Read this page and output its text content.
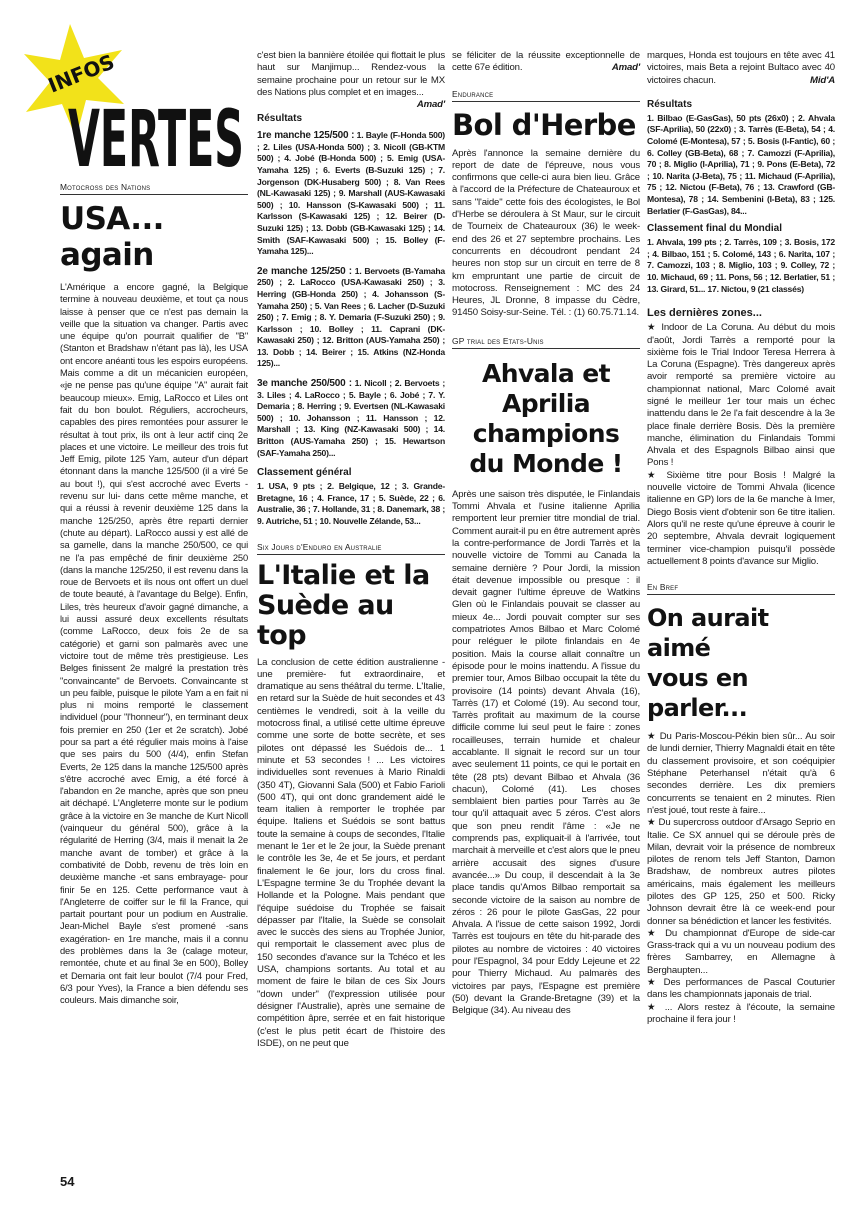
INFOS
VERTES
Motocross des Nations
USA... again

L'Amérique a encore gagné, la Belgique termine à nouveau deuxième, et tout ça nous laisse à penser que ce n'est pas demain la veille que la situation va changer. Partis avec une équipe qu'on pourrait qualifier de "B" (Stanton et Bradshaw n'étant pas là), les USA ont encore anéanti tous les espoirs européens. Mais comme a dit un mécanicien européen, «je ne pense pas qu'une équipe "A" aurait fait beaucoup mieux». Emig, LaRocco et Liles ont fait du bon boulot. Réguliers, accrocheurs, capables des pires remontées pour assurer le résultat à tout prix, ils ont à leur actif cinq 2e places et une victoire. Le meilleur des trois fut Jeff Emig, pilote 125 Yam, auteur d'un départ étonnant dans la manche 125/500 (il a viré 5e au bout !), qui s'est accroché avec Everts -revenu sur lui- dans cette même manche, et qui a réussi à revenir deuxième 125 dans la manche 125/250, après être reparti dernier (chute au départ). LaRocco aussi y est allé de sa gamelle, dans la manche 250/500, ce qui ne l'a pas empêché de finir deuxième 250 (dans la manche 125/250, il est revenu dans la roue de Bervoets et ils nous ont offert un duel de toute beauté, à l'avantage du Belge). Enfin, Liles, très heureux d'avoir gagné dimanche, a lui aussi assuré deux excellents résultats (comme LaRocco, deux fois 2e de sa catégorie) et garni son palmarès avec une victoire tout de même très prestigieuse. Les Belges finissent 2e malgré la prestation très "convaincante" de Bervoets. Convaincante st un peu faible, puisque le pilote Yam a en fait ni plus ni moins remporté le classement individuel (pour "l'honneur"), en terminant deux fois premier en 250 (1er et 2e scratch). Jobé pour sa part a été régulier mais moins à l'aise que ses pairs du 500 (4/4), enfin Stefan Everts, 2e 125 dans la manche 125/500 après s'être accroché avec Emig, a été forcé à l'abandon en 2e manche, après que son pneu ait déchapé. L'Angleterre monte sur le podium grâce à la victoire en 3e manche de Kurt Nicoll (vainqueur du général 500), grâce à la régularité de Herring (3/4, mais il menait la 2e manche avant de tomber) et grâce à la combativité de Dobb, revenu de très loin en deuxième manche -et sans embrayage- pour finir 5e en 125. Cette performance vaut à l'Angleterre de coiffer sur le fil la France, qui partait pourtant pour un podium en Australie. Jean-Michel Bayle s'est promené -sans exagération- en 1re manche, mais il a connu des problèmes dans la 3e (calage moteur, remontée, chute et au final 3e en 500), Bolley et Demaria ont fait leur boulot (7/4 pour Fred, 6/3 pour Yves), la France a bien défendu ses couleurs. Mais dimanche soir,

c'est bien la bannière étoilée qui flottait le plus haut sur Manjimup... Rendez-vous la semaine prochaine pour un retour sur le MX des Nations plus complet et en images...
Amad'

Résultats

1re manche 125/500 : 1. Bayle (F-Honda 500) ; 2. Liles (USA-Honda 500) ; 3. Nicoll (GB-KTM 500) ; 4. Jobé (B-Honda 500) ; 5. Emig (USA-Yamaha 125) ; 6. Everts (B-Suzuki 125) ; 7. Jorgenson (DK-Husaberg 500) ; 8. Van Rees (NL-Kawasaki 125) ; 9. Marshall (AUS-Kawasaki 500) ; 10. Hansson (S-Kawasaki 500) ; 11. Karlsson (S-Kawasaki 125) ; 12. Beirer (D-Suzuki 125) ; 13. Dobb (GB-Kawasaki 125) ; 14. Smith (SAF-Kawasaki 500) ; 15. Bolley (F-Yamaha 125)...

2e manche 125/250 : 1. Bervoets (B-Yamaha 250) ; 2. LaRocco (USA-Kawasaki 250) ; 3. Herring (GB-Honda 250) ; 4. Johansson (S-Yamaha 250) ; 5. Van Rees ; 6. Lacher (D-Suzuki 250) ; 7. Emig ; 8. Y. Demaria (F-Suzuki 250) ; 9. Karlsson ; 10. Bolley ; 11. Caprani (DK-Kawasaki 250) ; 12. Britton (AUS-Yamaha 250) ; 13. Dobb ; 14. Beirer ; 15. Atkins (NZ-Honda 125)...

3e manche 250/500 : 1. Nicoll ; 2. Bervoets ; 3. Liles ; 4. LaRocco ; 5. Bayle ; 6. Jobé ; 7. Y. Demaria ; 8. Herring ; 9. Evertsen (NL-Kawasaki 500) ; 10. Johansson ; 11. Hansson ; 12. Marshall ; 13. King (NZ-Kawasaki 500) ; 14. Britton (AUS-Yamaha 250) ; 15. Hewartson (SAF-Yamaha 250)...

Classement général

1. USA, 9 pts ; 2. Belgique, 12 ; 3. Grande-Bretagne, 16 ; 4. France, 17 ; 5. Suède, 22 ; 6. Australie, 36 ; 7. Hollande, 31 ; 8. Danemark, 38 ; 9. Autriche, 51 ; 10. Nouvelle Zélande, 53...

Six Jours d'Enduro en Australie
L'Italie et la
Suède au top

La conclusion de cette édition australienne -une première- fut extraordinaire, et dramatique au sens théâtral du terme. L'Italie, en retard sur la Suède de huit secondes et 43 centièmes le vendredi, soit à la veille du motocross final, a utilisé cette ultime épreuve comme une sorte de botte secrète, et ses pilotes ont dépassé les Suédois de... 1 minute et 53 secondes ! ... Les victoires individuelles sont revenues à Mario Rinaldi (350 4T), Giovanni Sala (500) et Fabio Farioli (500 4T), qui ont donc grandement aidé le team italien à remporter le trophée par équipe. Italiens et Suédois se sont battus toute la semaine à coups de secondes, l'Italie menant le 1er et le 2e jour, la Suède prenant le contrôle les 3e, 4e et 5e jours, et perdant finalement le 6e jour, lors du cross final. L'Espagne termine 3e du Trophée devant la Hollande et la Pologne. Mais pendant que l'équipe suédoise du Trophée se faisait dépasser par l'Italie, la Suède se consolait avec le succès des siens au Trophée Junior, qui remportait le classement avec plus de 150 secondes d'avance sur la Tchéco et les USA, champions sortants. Au total et au moment de faire le bilan de ces Six Jours "down under" (l'expression utilisée pour désigner l'Australie), après une semaine de compétition âpre, serrée et en fait historique (c'est le plus petit écart de l'histoire des ISDE), on ne peut que

se féliciter de la réussite exceptionnelle de cette 67e édition.	Amad'

Endurance
Bol d'Herbe

Après l'annonce la semaine dernière du report de date de l'épreuve, nous vous confirmons que celle-ci aura bien lieu. Grâce à l'accord de la Préfecture de Chateauroux et sans "l'aide" cette fois des écologistes, le Bol d'Herbe se déroulera à St Maur, sur le circuit de Tourneix de Chateauroux (36) le week-end des 26 et 27 septembre prochains. Les concurrents en découdront pendant 24 heures non stop sur un circuit en terre de 8 km empruntant une partie de circuit de motocross. Renseignement : MC des 24 Heures, JL Dronne, 8 impasse du Cèdre, 91450 Soisy-sur-Seine. Tél. : (1) 60.75.71.14.

GP trial des Etats-Unis
Ahvala et Aprilia
champions
du Monde !

Après une saison très disputée, le Finlandais Tommi Ahvala et l'usine italienne Aprilia remportent leur premier titre mondial de trial. Comment aurait-il pu en être autrement après la contre-performance de Jordi Tarrès et la nouvelle victoire de Tommi au Canada la semaine dernière ? Pour Jordi, la mission était devenue impossible ou presque : il devait gagner l'ultime épreuve de Watkins Glen où le Finlandais pouvait se classer au mieux 4e... Jordi pouvait compter sur ses compatriotes Amos Bilbao et Marc Colomé pour reléguer le pilote finlandais en 4e position. Mais la course allait connaître un épisode pour le moins inattendu. A l'issue du premier tour, Amos Bilbao occupait la tête du provisoire (14 points) devant Ahvala (16), Tarrès (17) et Colomé (19). Au second tour, Tarrès profitait au maximum de la course difficile comme lui seul peut le faire : zones rocailleuses, terrain humide et chaleur accablante. Il signait le record sur un tour avec seulement 11 points, ce qui le portait en tête (28 pts) devant Bilbao et Ahvala (36 chacun), Colomé (41). Les choses semblaient bien parties pour Tarrès au 3e tour qu'il attaquait avec 5 zéros. C'est alors que son pneu rendit l'âme : «Je ne comprends pas, expliquait-il à l'arrivée, tout marchait à merveille et c'est alors que le pneu arrière accusait des signes d'usure avancée...» Du coup, il descendait à la 3e place tandis qu'Amos Bilbao remportait sa seconde victoire de la saison au nombre de zéros : 26 pour le pilote GasGas, 22 pour Ahvala. A l'issue de cette saison 1992, Jordi Tarrès est toujours en tête du hit-parade des pilotes au nombre de victoires : 40 victoires pour l'Espagnol, 34 pour Eddy Lejeune et 22 pour Thierry Michaud. Au palmarès des victoires par pays, l'Espagne est première (50) devant la Grande-Bretagne (39) et la Belgique (34). Au niveau des

marques, Honda est toujours en tête avec 41 victoires, mais Beta a rejoint Bultaco avec 40 victoires chacun.	Mid'A

Résultats

1. Bilbao (E-GasGas), 50 pts (26x0) ; 2. Ahvala (SF-Aprilia), 50 (22x0) ; 3. Tarrès (E-Beta), 54 ; 4. Colomé (E-Montesa), 57 ; 5. Bosis (I-Fantic), 60 ; 6. Colley (GB-Beta), 68 ; 7. Camozzi (F-Aprilia), 70 ; 8. Miglio (I-Aprilia), 71 ; 9. Pons (E-Beta), 72 ; 10. Narita (J-Beta), 75 ; 11. Michaud (F-Aprilia), 75 ; 12. Nictou (F-Beta), 76 ; 13. Crawford (GB-Montesa), 78 ; 14. Sembenini (I-Beta), 83 ; 125. Berlatier (F-GasGas), 84...

Classement final du Mondial

1. Ahvala, 199 pts ; 2. Tarrès, 109 ; 3. Bosis, 172 ; 4. Bilbao, 151 ; 5. Colomé, 143 ; 6. Narita, 107 ; 7. Camozzi, 103 ; 8. Miglio, 103 ; 9. Colley, 72 ; 10. Michaud, 69 ; 11. Pons, 56 ; 12. Berlatier, 51 ; 13. Girard, 51... 17. Nictou, 9 (21 classés)

Les dernières zones...

★ Indoor de La Coruna. Au début du mois d'août, Jordi Tarrès a remporté pour la sixième fois le Trial Indoor Teresa Herrera à La Coruna (Espagne). Très dangereux après avoir remporté sa première victoire au championnat national, Marc Colomé avait signé le meilleur 1er tour mais un échec inattendu dans le 2e l'a fait descendre à la 3e place finale derrière Bosis. Dès la première manche, élimination du Finlandais Tommi Ahvala et des Espagnols Bilbao ainsi que Pons !

★ Sixième titre pour Bosis ! Malgré la nouvelle victoire de Tommi Ahvala (licence italienne en GP) lors de la 6e manche à Imer, Diego Bosis vient d'obtenir son 6e titre italien. Alors qu'il ne reste qu'une épreuve à courir le 20 septembre, Ahvala devrait logiquement terminer vice-champion puisqu'il possède actuellement 8 points d'avance sur Miglio.

En Bref
On aurait aimé
vous en parler...

★ Du Paris-Moscou-Pékin bien sûr... Au soir de lundi dernier, Thierry Magnaldi était en tête du classement provisoire, et son coéquipier Stéphane Peterhansel n'était qu'à 6 secondes derrière. Les dix premiers concurrents se tenaient en 2 minutes. Rien n'est joué, tout reste à faire...

★ Du supercross outdoor d'Arsago Seprio en Italie. Ce SX annuel qui se déroule près de Milan, devrait voir la présence de nombreux pilotes de renom tels Jeff Stanton, Damon Bradshaw, de nombreux autres pilotes américains, mais également les meilleurs pilotes des GP 125, 250 et 500. Ricky Johnson devrait être là ce week-end pour donner sa bénédiction et lancer les festivités.

★ Du championnat d'Europe de side-car Grass-track qui a vu un nouveau podium des frères Sambarrey, en Allemagne à Berghaupten...

★ Des performances de Pascal Couturier dans les championnats japonais de trial.

★ ... Alors restez à l'écoute, la semaine prochaine il fera jour !

54
